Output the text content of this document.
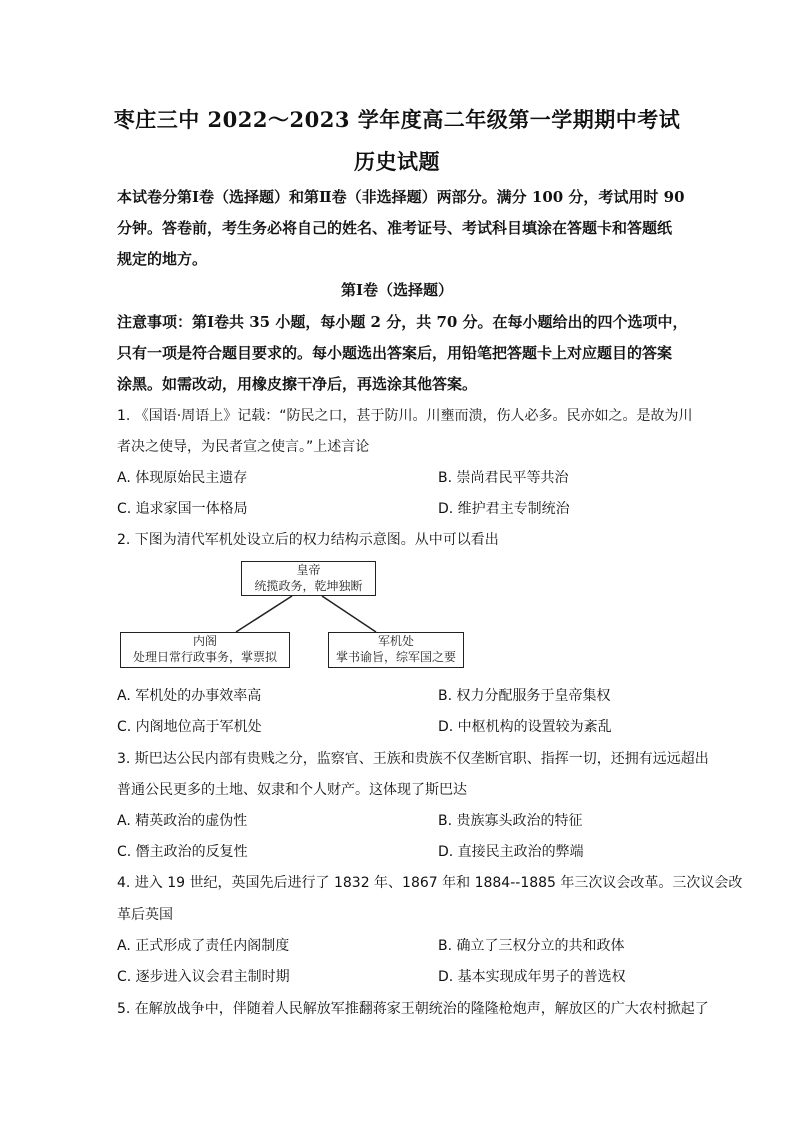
枣庄三中 2022～2023 学年度高二年级第一学期期中考试
历史试题
本试卷分第Ⅰ卷（选择题）和第Ⅱ卷（非选择题）两部分。满分 100 分，考试用时 90
分钟。答卷前，考生务必将自己的姓名、准考证号、考试科目填涂在答题卡和答题纸
规定的地方。
第Ⅰ卷（选择题）
注意事项：第Ⅰ卷共 35 小题，每小题 2 分，共 70 分。在每小题给出的四个选项中，
只有一项是符合题目要求的。每小题选出答案后，用铅笔把答题卡上对应题目的答案
涂黑。如需改动，用橡皮擦干净后，再选涂其他答案。
1. 《国语·周语上》记载：“防民之口，甚于防川。川壅而溃，伤人必多。民亦如之。是故为川
者决之使导，为民者宣之使言。”上述言论
A. 体现原始民主遗存	B. 崇尚君民平等共治
C. 追求家国一体格局	D. 维护君主专制统治
2. 下图为清代军机处设立后的权力结构示意图。从中可以看出
皇帝
统揽政务，乾坤独断
内阁
处理日常行政事务，掌票拟
军机处
掌书谕旨，综军国之要
A. 军机处的办事效率高	B. 权力分配服务于皇帝集权
C. 内阁地位高于军机处	D. 中枢机构的设置较为紊乱
3. 斯巴达公民内部有贵贱之分，监察官、王族和贵族不仅垄断官职、指挥一切，还拥有远远超出
普通公民更多的土地、奴隶和个人财产。这体现了斯巴达
A. 精英政治的虚伪性	B. 贵族寡头政治的特征
C. 僭主政治的反复性	D. 直接民主政治的弊端
4. 进入 19 世纪，英国先后进行了 1832 年、1867 年和 1884--1885 年三次议会改革。三次议会改
革后英国
A. 正式形成了责任内阁制度	B. 确立了三权分立的共和政体
C. 逐步进入议会君主制时期	D. 基本实现成年男子的普选权
5. 在解放战争中，伴随着人民解放军推翻蒋家王朝统治的隆隆枪炮声，解放区的广大农村掀起了
